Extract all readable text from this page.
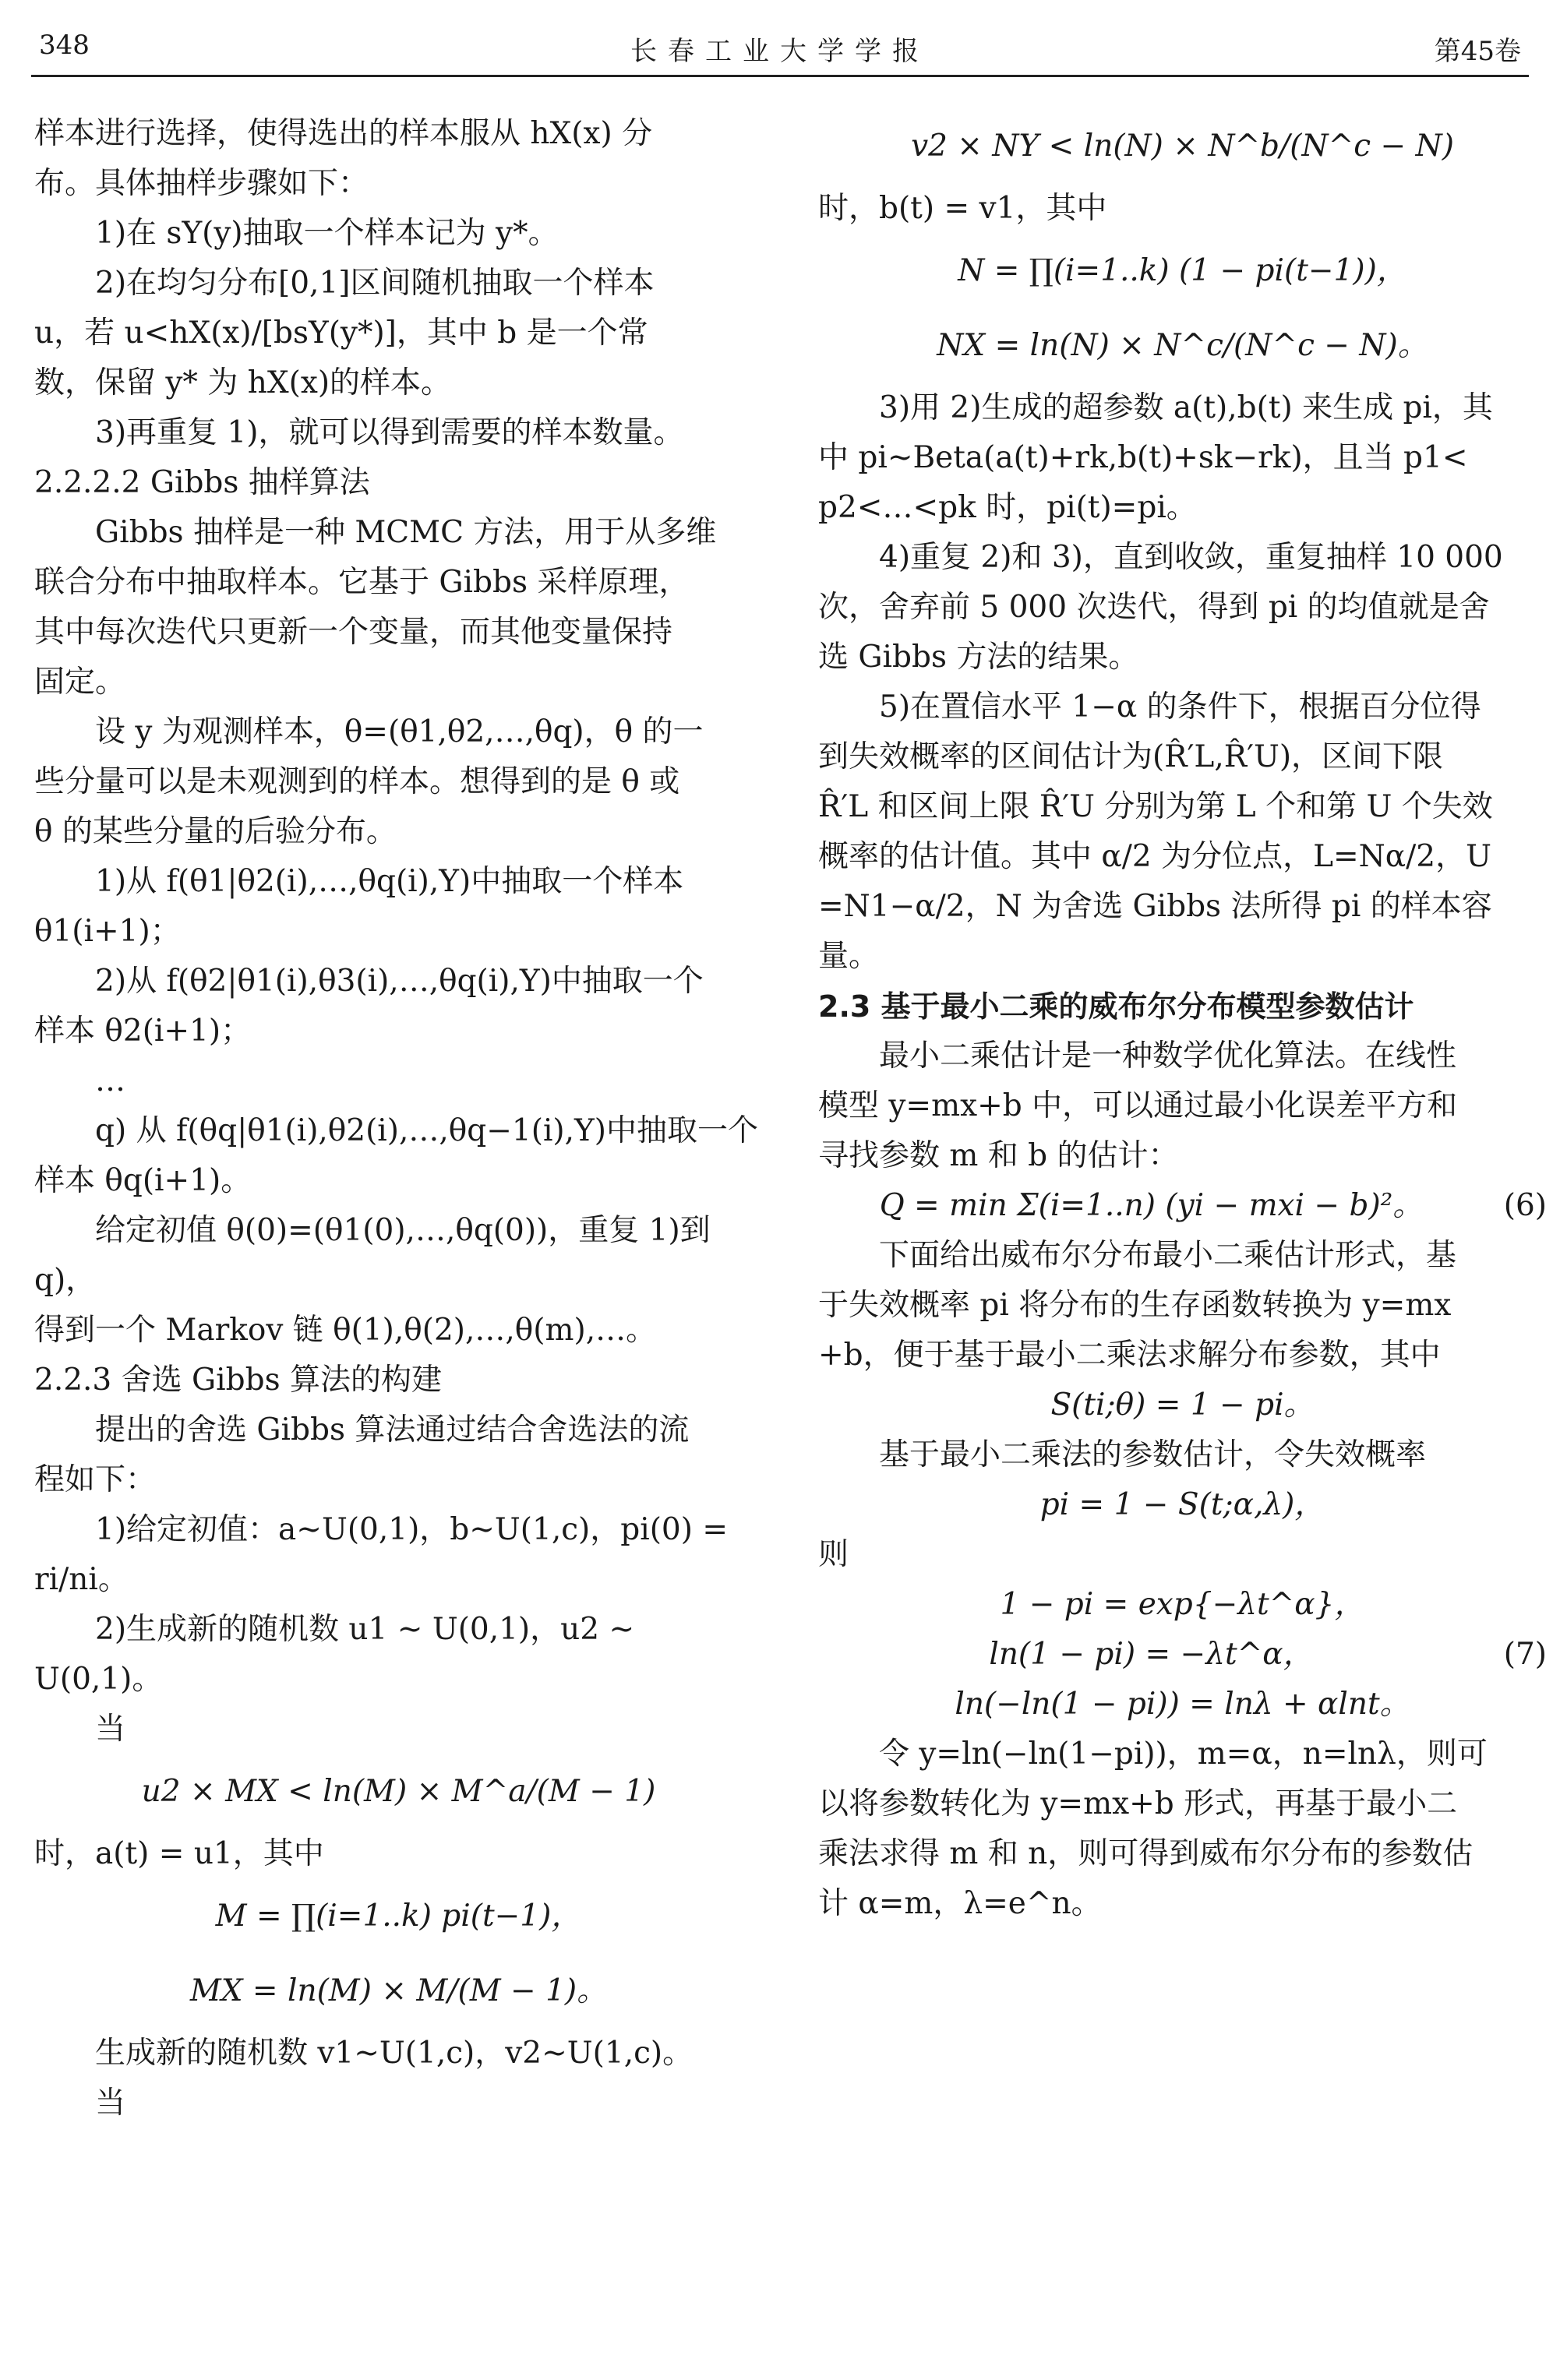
348	长春工业大学学报	第45卷

样本进行选择，使得选出的样本服从 hX(x) 分

布。具体抽样步骤如下：

1)在 sY(y)抽取一个样本记为 y*。

2)在均匀分布[0,1]区间随机抽取一个样本

u，若 u<hX(x)/[bsY(y*)]，其中 b 是一个常

数，保留 y* 为 hX(x)的样本。

3)再重复 1)，就可以得到需要的样本数量。

2.2.2.2 Gibbs 抽样算法

Gibbs 抽样是一种 MCMC 方法，用于从多维

联合分布中抽取样本。它基于 Gibbs 采样原理，

其中每次迭代只更新一个变量，而其他变量保持

固定。

设 y 为观测样本，θ=(θ1,θ2,…,θq)，θ 的一

些分量可以是未观测到的样本。想得到的是 θ 或

θ 的某些分量的后验分布。

1)从 f(θ1|θ2(i),…,θq(i),Y)中抽取一个样本

θ1(i+1)；

2)从 f(θ2|θ1(i),θ3(i),…,θq(i),Y)中抽取一个

样本 θ2(i+1)；

…

q) 从 f(θq|θ1(i),θ2(i),…,θq−1(i),Y)中抽取一个

样本 θq(i+1)。

给定初值 θ(0)=(θ1(0),…,θq(0))，重复 1)到 q)，

得到一个 Markov 链 θ(1),θ(2),…,θ(m),…。

2.2.3 舍选 Gibbs 算法的构建

提出的舍选 Gibbs 算法通过结合舍选法的流

程如下：

1)给定初值：a~U(0,1)，b~U(1,c)，pi(0) =

ri/ni。

2)生成新的随机数 u1 ~ U(0,1)，u2 ~

U(0,1)。

当

u2 × MX < ln(M) × M^a/(M − 1)

时，a(t) = u1，其中

M = ∏(i=1..k) pi(t−1)，

MX = ln(M) × M/(M − 1)。

生成新的随机数 v1~U(1,c)，v2~U(1,c)。

当

v2 × NY < ln(N) × N^b/(N^c − N)

时，b(t) = v1，其中

N = ∏(i=1..k) (1 − pi(t−1))，

NX = ln(N) × N^c/(N^c − N)。

3)用 2)生成的超参数 a(t),b(t) 来生成 pi，其

中 pi~Beta(a(t)+rk,b(t)+sk−rk)，且当 p1<

p2<…<pk 时，pi(t)=pi。

4)重复 2)和 3)，直到收敛，重复抽样 10 000

次，舍弃前 5 000 次迭代，得到 pi 的均值就是舍

选 Gibbs 方法的结果。

5)在置信水平 1−α 的条件下，根据百分位得

到失效概率的区间估计为(R̂′L,R̂′U)，区间下限

R̂′L 和区间上限 R̂′U 分别为第 L 个和第 U 个失效

概率的估计值。其中 α/2 为分位点，L=Nα/2，U

=N1−α/2，N 为舍选 Gibbs 法所得 pi 的样本容

量。

2.3 基于最小二乘的威布尔分布模型参数估计

最小二乘估计是一种数学优化算法。在线性

模型 y=mx+b 中，可以通过最小化误差平方和

寻找参数 m 和 b 的估计：

Q = min Σ(i=1..n) (yi − mxi − b)²。	(6)

下面给出威布尔分布最小二乘估计形式，基

于失效概率 pi 将分布的生存函数转换为 y=mx

+b，便于基于最小二乘法求解分布参数，其中

S(ti;θ) = 1 − pi。

基于最小二乘法的参数估计，令失效概率

pi = 1 − S(t;α,λ)，

则

1 − pi = exp{−λt^α}，

ln(1 − pi) = −λt^α，	(7)

ln(−ln(1 − pi)) = lnλ + αlnt。

令 y=ln(−ln(1−pi))，m=α，n=lnλ，则可

以将参数转化为 y=mx+b 形式，再基于最小二

乘法求得 m 和 n，则可得到威布尔分布的参数估

计 α=m，λ=e^n。
